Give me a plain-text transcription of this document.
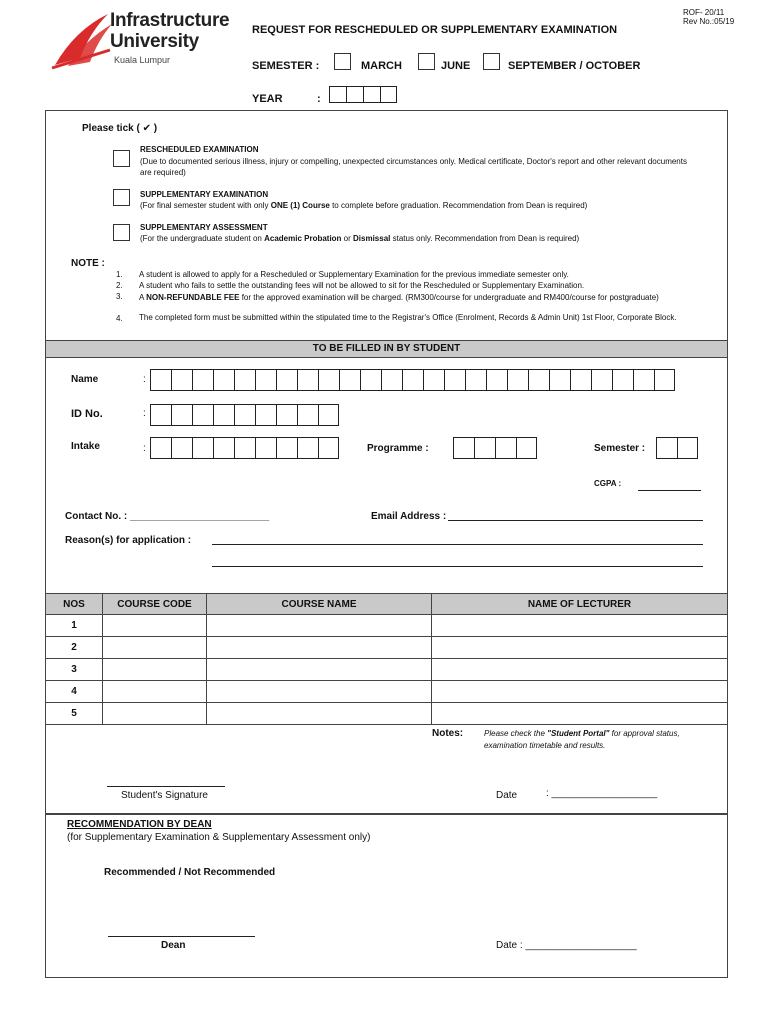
Infrastructure
University
Kuala Lumpur
ROF- 20/11
Rev No.:05/19
REQUEST FOR RESCHEDULED OR SUPPLEMENTARY EXAMINATION
SEMESTER :	MARCH	JUNE	SEPTEMBER / OCTOBER
YEAR	:
Please tick ( ✔ )
RESCHEDULED EXAMINATION
(Due to documented serious illness, injury or compelling, unexpected circumstances only. Medical certificate, Doctor's report and other relevant documents are required)
SUPPLEMENTARY EXAMINATION
(For final semester student with only ONE (1) Course to complete before graduation. Recommendation from Dean is required)
SUPPLEMENTARY ASSESSMENT
(For the undergraduate student on Academic Probation or Dismissal status only. Recommendation from Dean is required)
NOTE :
1. A student is allowed to apply for a Rescheduled or Supplementary Examination for the previous immediate semester only.
2. A student who fails to settle the outstanding fees will not be allowed to sit for the Rescheduled or Supplementary Examination.
3. A NON-REFUNDABLE FEE for the approved examination will be charged. (RM300/course for undergraduate and RM400/course for postgraduate)
4. The completed form must be submitted within the stipulated time to the Registrar's Office (Enrolment, Records & Admin Unit) 1st Floor, Corporate Block.
TO BE FILLED IN BY STUDENT
Name	:
ID No.	:
Intake	:	Programme :	Semester :
CGPA :
Contact No. : _________________________	Email Address :
Reason(s) for application :
NOS	COURSE CODE	COURSE NAME	NAME OF LECTURER
1			
2			
3			
4			
5			
Notes:	Please check the "Student Portal" for approval status, examination timetable and results.
Student's Signature	Date	: ___________________
RECOMMENDATION BY DEAN
(for Supplementary Examination & Supplementary Assessment only)
Recommended / Not Recommended
Dean	Date : ____________________
